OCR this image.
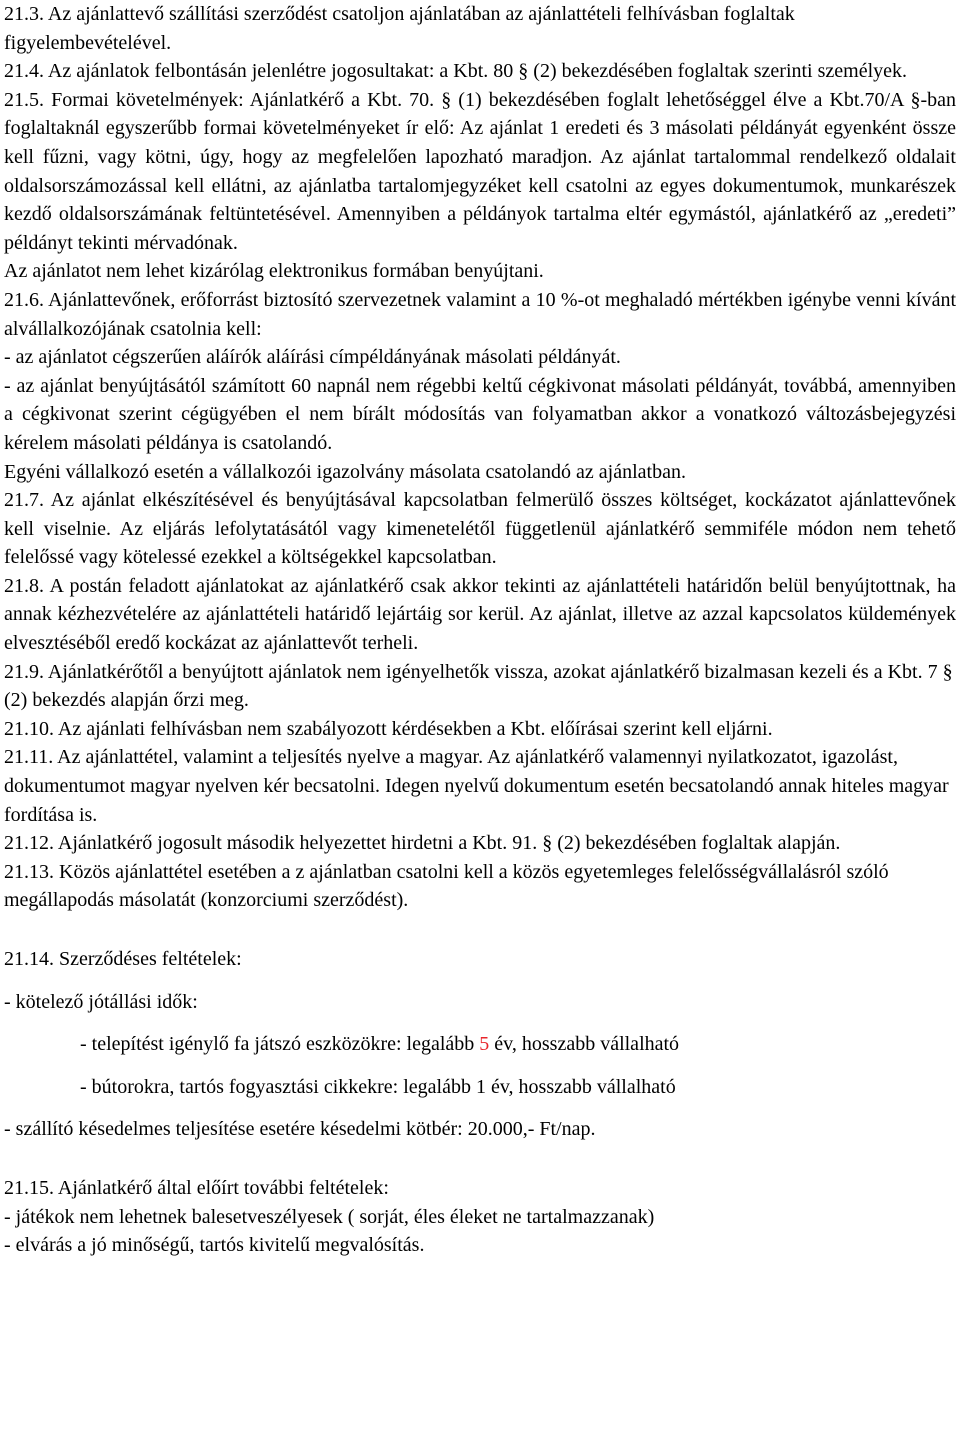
21.3. Az ajánlattevő szállítási szerződést csatoljon ajánlatában az ajánlattételi felhívásban foglaltak figyelembevételével.

21.4. Az ajánlatok felbontásán jelenlétre jogosultakat: a Kbt. 80 § (2) bekezdésében foglaltak szerinti személyek.

21.5. Formai követelmények: Ajánlatkérő a Kbt. 70. § (1) bekezdésében foglalt lehetőséggel élve a Kbt.70/A §-ban foglaltaknál egyszerűbb formai követelményeket ír elő: Az ajánlat 1 eredeti és 3 másolati példányát egyenként össze kell fűzni, vagy kötni, úgy, hogy az megfelelően lapozható maradjon. Az ajánlat tartalommal rendelkező oldalait oldalsorszámozással kell ellátni, az ajánlatba tartalomjegyzéket kell csatolni az egyes dokumentumok, munkarészek kezdő oldalsorszámának feltüntetésével. Amennyiben a példányok tartalma eltér egymástól, ajánlatkérő az „eredeti” példányt tekinti mérvadónak.

Az ajánlatot nem lehet kizárólag elektronikus formában benyújtani.

21.6. Ajánlattevőnek, erőforrást biztosító szervezetnek valamint a 10 %-ot meghaladó mértékben igénybe venni kívánt alvállalkozójának csatolnia kell:

- az ajánlatot cégszerűen aláírók aláírási címpéldányának másolati példányát.

- az ajánlat benyújtásától számított 60 napnál nem régebbi keltű cégkivonat másolati példányát, továbbá, amennyiben a cégkivonat szerint cégügyében el nem bírált módosítás van folyamatban akkor a vonatkozó változásbejegyzési kérelem másolati példánya is csatolandó.

Egyéni vállalkozó esetén a vállalkozói igazolvány másolata csatolandó az ajánlatban.

21.7. Az ajánlat elkészítésével és benyújtásával kapcsolatban felmerülő összes költséget, kockázatot ajánlattevőnek kell viselnie. Az eljárás lefolytatásától vagy kimenetelétől függetlenül ajánlatkérő semmiféle módon nem tehető felelőssé vagy kötelessé ezekkel a költségekkel kapcsolatban.

21.8. A postán feladott ajánlatokat az ajánlatkérő csak akkor tekinti az ajánlattételi határidőn belül benyújtottnak, ha annak kézhezvételére az ajánlattételi határidő lejártáig sor kerül. Az ajánlat, illetve az azzal kapcsolatos küldemények elvesztéséből eredő kockázat az ajánlattevőt terheli.

21.9. Ajánlatkérőtől a benyújtott ajánlatok nem igényelhetők vissza, azokat ajánlatkérő bizalmasan kezeli és a Kbt. 7 § (2) bekezdés alapján őrzi meg.

21.10. Az ajánlati felhívásban nem szabályozott kérdésekben a Kbt. előírásai szerint kell eljárni.

21.11. Az ajánlattétel, valamint a teljesítés nyelve a magyar. Az ajánlatkérő valamennyi nyilatkozatot, igazolást, dokumentumot magyar nyelven kér becsatolni. Idegen nyelvű dokumentum esetén becsatolandó annak hiteles magyar fordítása is.

21.12. Ajánlatkérő jogosult második helyezettet hirdetni a Kbt. 91. § (2) bekezdésében foglaltak alapján.

21.13. Közös ajánlattétel esetében a z ajánlatban csatolni kell a közös egyetemleges felelősségvállalásról szóló megállapodás másolatát (konzorciumi szerződést).

21.14. Szerződéses feltételek:

- kötelező jótállási idők:

- telepítést igénylő fa játszó eszközökre: legalább 5 év, hosszabb vállalható

- bútorokra, tartós fogyasztási cikkekre: legalább 1 év, hosszabb vállalható

- szállító késedelmes teljesítése esetére késedelmi kötbér: 20.000,- Ft/nap.

21.15. Ajánlatkérő által előírt további feltételek:

- játékok nem lehetnek balesetveszélyesek ( sorját, éles éleket ne tartalmazzanak)

- elvárás a jó minőségű, tartós kivitelű megvalósítás.
